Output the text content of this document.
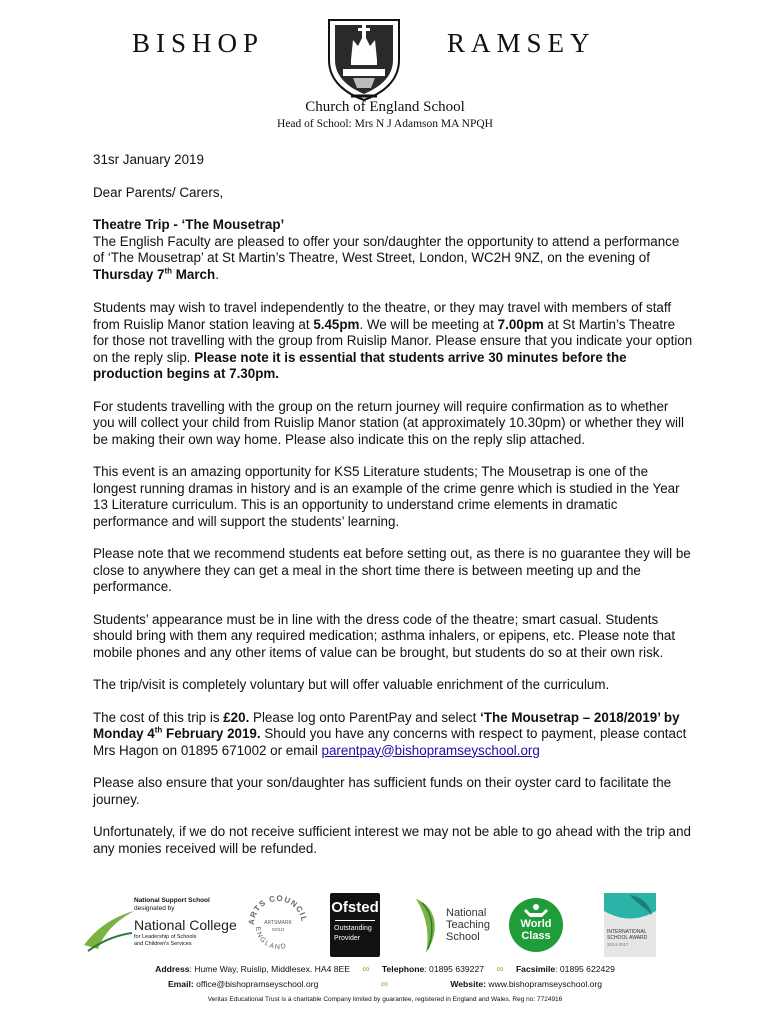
BISHOP	RAMSEY
Church of England School
Head of School: Mrs N J Adamson MA NPQH

31sr January 2019

Dear Parents/ Carers,

Theatre Trip - ‘The Mousetrap’
The English Faculty are pleased to offer your son/daughter the opportunity to attend a performance of ‘The Mousetrap’ at St Martin’s Theatre, West Street, London, WC2H 9NZ, on the evening of Thursday 7th March.

Students may wish to travel independently to the theatre, or they may travel with members of staff from Ruislip Manor station leaving at 5.45pm. We will be meeting at 7.00pm at St Martin’s Theatre for those not travelling with the group from Ruislip Manor. Please ensure that you indicate your option on the reply slip. Please note it is essential that students arrive 30 minutes before the production begins at 7.30pm.

For students travelling with the group on the return journey will require confirmation as to whether you will collect your child from Ruislip Manor station (at approximately 10.30pm) or whether they will be making their own way home. Please also indicate this on the reply slip attached.

This event is an amazing opportunity for KS5 Literature students; The Mousetrap is one of the longest running dramas in history and is an example of the crime genre which is studied in the Year 13 Literature curriculum. This is an opportunity to understand crime elements in dramatic performance and will support the students’ learning.

Please note that we recommend students eat before setting out, as there is no guarantee they will be close to anywhere they can get a meal in the short time there is between meeting up and the performance.

Students’ appearance must be in line with the dress code of the theatre; smart casual. Students should bring with them any required medication; asthma inhalers, or epipens, etc. Please note that mobile phones and any other items of value can be brought, but students do so at their own risk.

The trip/visit is completely voluntary but will offer valuable enrichment of the curriculum.

The cost of this trip is £20. Please log onto ParentPay and select ‘The Mousetrap – 2018/2019’ by Monday 4th February 2019. Should you have any concerns with respect to payment, please contact Mrs Hagon on 01895 671002 or email parentpay@bishopramseyschool.org

Please also ensure that your son/daughter has sufficient funds on their oyster card to facilitate the journey.

Unfortunately, if we do not receive sufficient interest we may not be able to go ahead with the trip and any monies received will be refunded.

National Support School
designated by
National College
for Leadership of Schools
and Children's Services
ARTS COUNCIL
ENGLAND
ARTSMARK
GOLD
Ofsted
Outstanding
Provider
National
Teaching
School
World
Class	INTERNATIONAL
SCHOOL AWARD
2014-2017
Address: Hume Way, Ruislip, Middlesex. HA4 8EE ∞ Telephone: 01895 639227 ∞ Facsimile: 01895 622429
Email: office@bishopramseyschool.org	∞	Website: www.bishopramseyschool.org
Veritas Educational Trust is a charitable Company limited by guarantee, registered in England and Wales. Reg no: 7724916
